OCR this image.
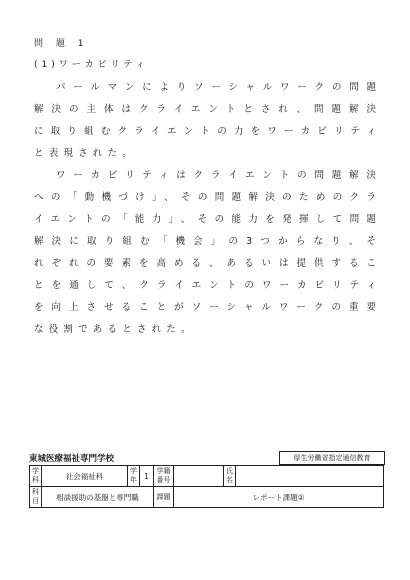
問 題 1
(1)ワーカビリティ
パールマンによりソーシャルワークの問題
解決の主体はクライエントとされ、問題解決
に取り組むクライエントの力をワーカビリティ
と表現された。
ワーカビリティはクライエントの問題解決
への「動機づけ」、その問題解決のためのクラ
イエントの「能力」、その能力を発揮して問題
解決に取り組む「機会」の3つからなり、そ
れぞれの要素を高める、あるいは提供するこ
とを通して、クライエントのワーカビリティ
を向上させることがソーシャルワークの重要
な役割であるとされた。
東城医療福祉専門学校	厚生労働省指定通信教育
学科	社会福祉科	学年	1	学籍番号		氏名	
科目	相談援助の基盤と専門職			課題	レポート課題②		
